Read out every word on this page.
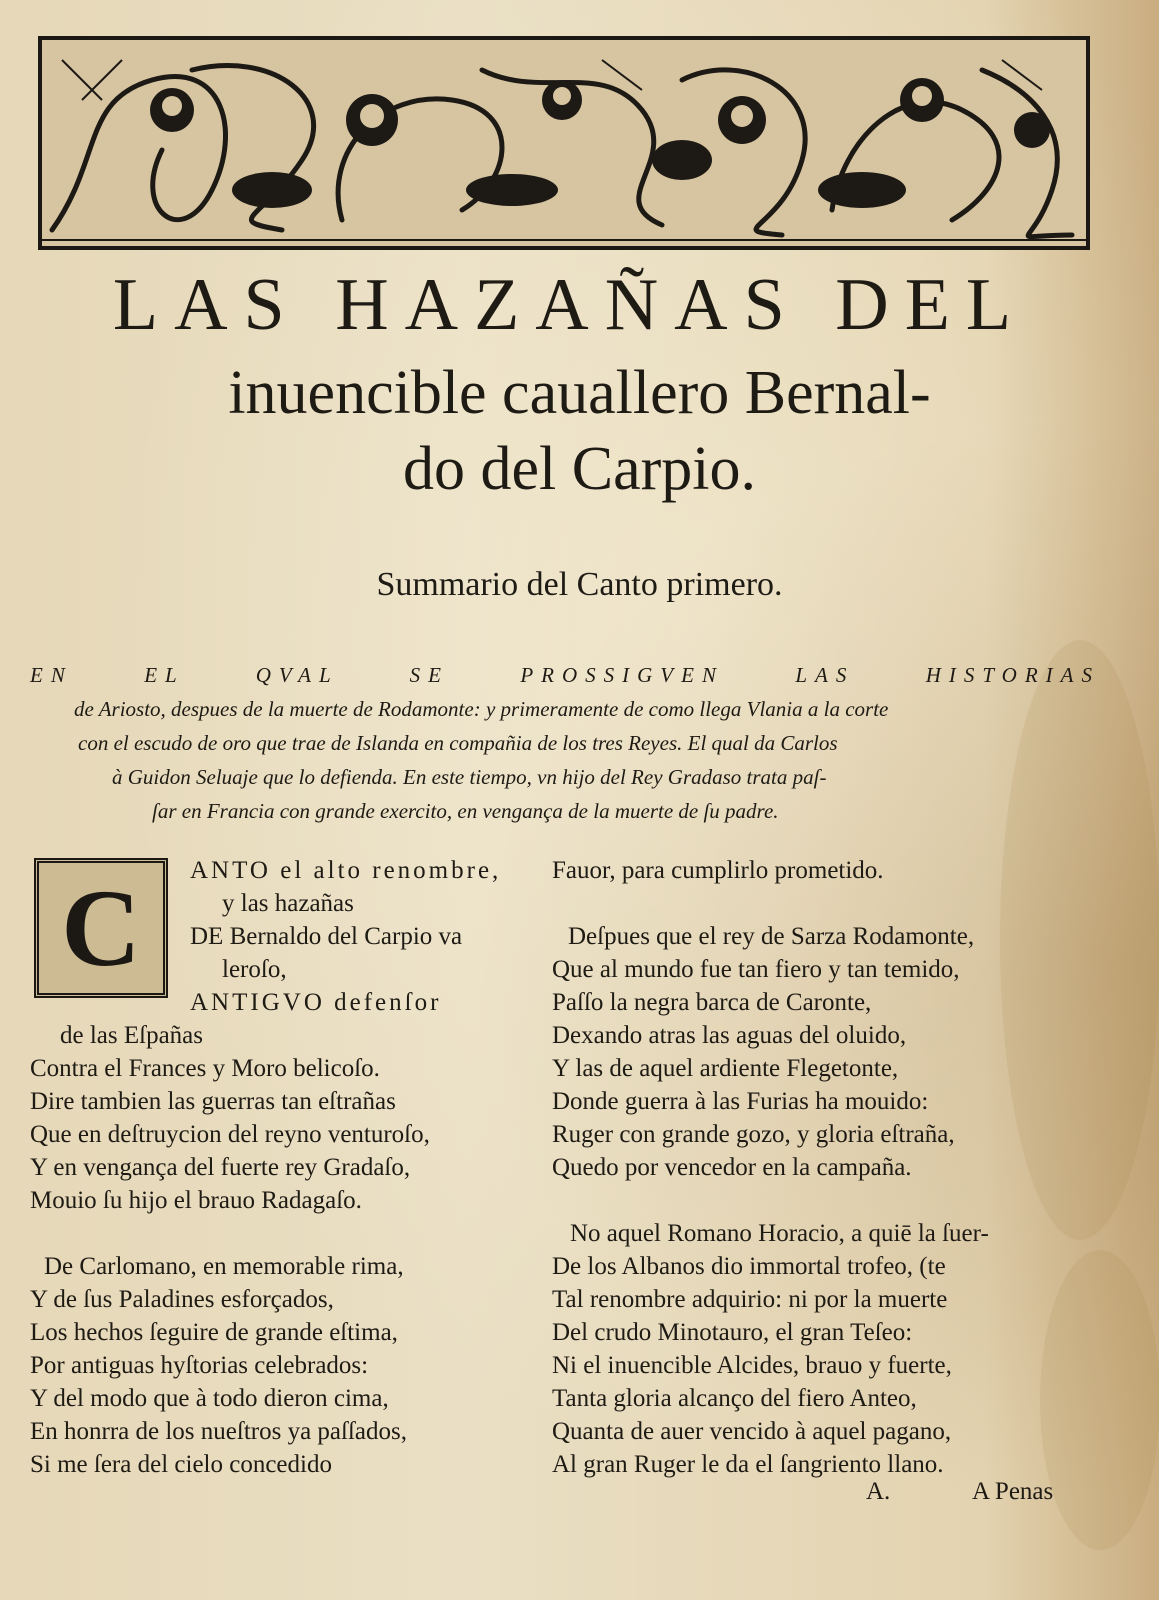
LAS HAZAÑAS DEL
inuencible cauallero Bernal-
do del Carpio.
Summario del Canto primero.
EN EL QVAL SE PROSSIGVEN LAS HISTORIAS
de Ariosto, despues de la muerte de Rodamonte: y primeramente de como llega Vlania a la corte
con el escudo de oro que trae de Islanda en compañia de los tres Reyes. El qual da Carlos
à Guidon Seluaje que lo defienda. En este tiempo, vn hijo del Rey Gradaso trata paſ-
ſar en Francia con grande exercito, en vengança de la muerte de ſu padre.
C	ANTO el alto renombre,
y las hazañas
DE Bernaldo del Carpio va
leroſo,
ANTIGVO defenſor
de las Eſpañas
Contra el Frances y Moro belicoſo.
Dire tambien las guerras tan eſtrañas
Que en deſtruycion del reyno venturoſo,
Y en vengança del fuerte rey Gradaſo,
Mouio ſu hijo el brauo Radagaſo.
De Carlomano, en memorable rima,
Y de ſus Paladines esforçados,
Los hechos ſeguire de grande eſtima,
Por antiguas hyſtorias celebrados:
Y del modo que à todo dieron cima,
En honrra de los nueſtros ya paſſados,
Si me ſera del cielo concedido
Fauor, para cumplirlo prometido.
Deſpues que el rey de Sarza Rodamonte,
Que al mundo fue tan fiero y tan temido,
Paſſo la negra barca de Caronte,
Dexando atras las aguas del oluido,
Y las de aquel ardiente Flegetonte,
Donde guerra à las Furias ha mouido:
Ruger con grande gozo, y gloria eſtraña,
Quedo por vencedor en la campaña.
No aquel Romano Horacio, a quiē la ſuer-
De los Albanos dio immortal trofeo, (te
Tal renombre adquirio: ni por la muerte
Del crudo Minotauro, el gran Teſeo:
Ni el inuencible Alcides, brauo y fuerte,
Tanta gloria alcanço del fiero Anteo,
Quanta de auer vencido à aquel pagano,
Al gran Ruger le da el ſangriento llano.
A.	A Penas
